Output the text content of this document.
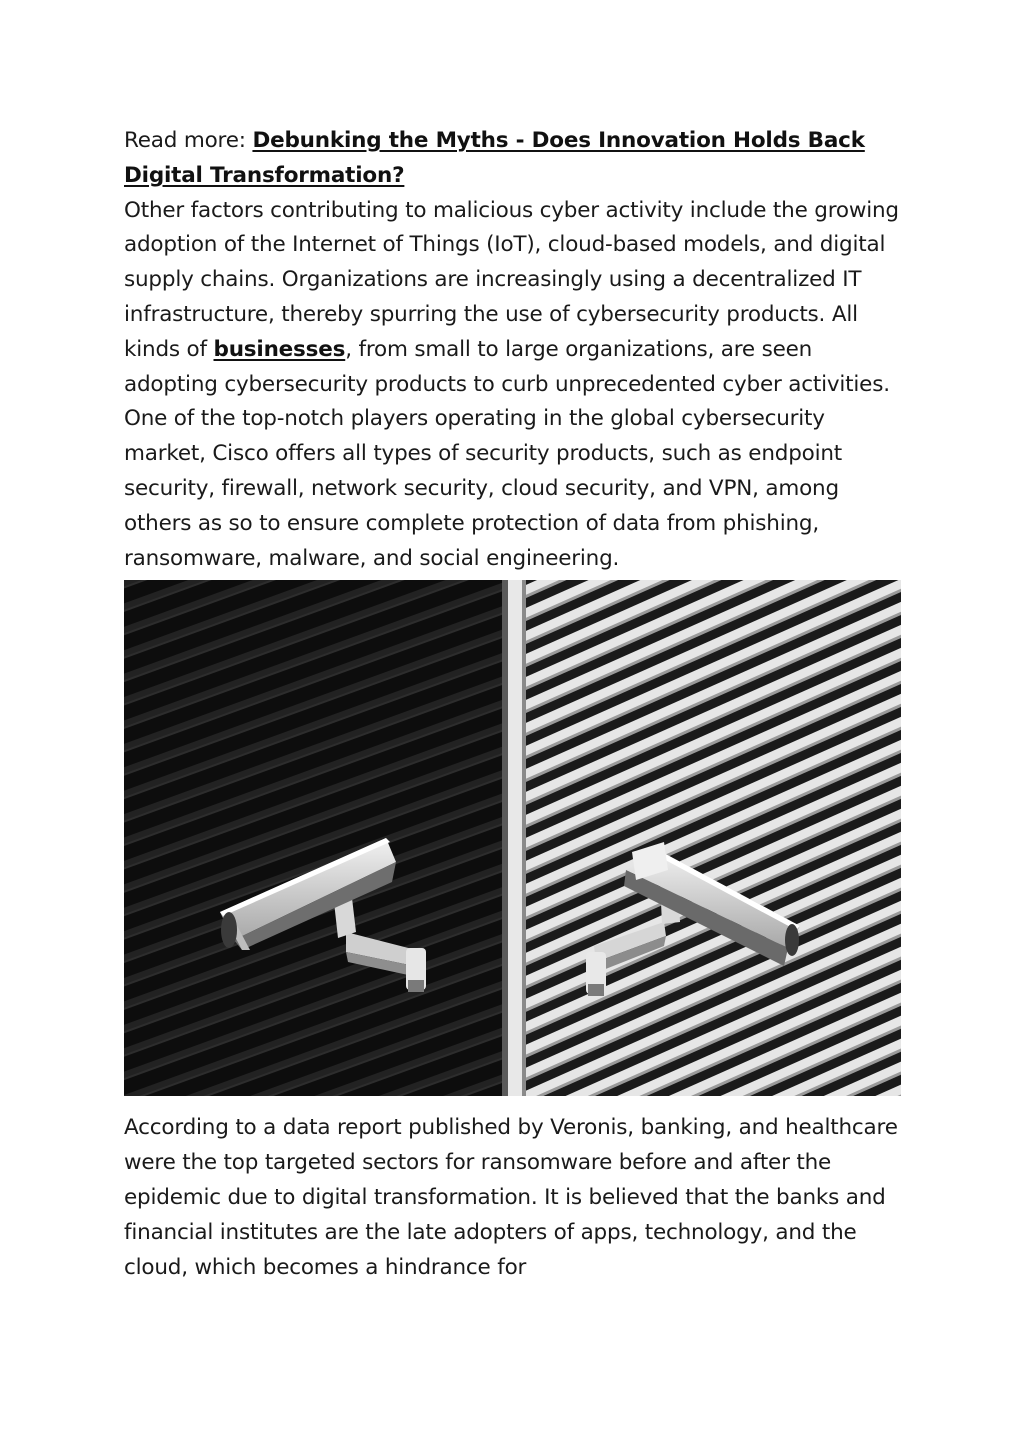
Read more: Debunking the Myths - Does Innovation Holds Back Digital Transformation?

Other factors contributing to malicious cyber activity include the growing adoption of the Internet of Things (IoT), cloud-based models, and digital supply chains. Organizations are increasingly using a decentralized IT infrastructure, thereby spurring the use of cybersecurity products. All kinds of businesses, from small to large organizations, are seen adopting cybersecurity products to curb unprecedented cyber activities. One of the top-notch players operating in the global cybersecurity market, Cisco offers all types of security products, such as endpoint security, firewall, network security, cloud security, and VPN, among others as so to ensure complete protection of data from phishing, ransomware, malware, and social engineering.

According to a data report published by Veronis, banking, and healthcare were the top targeted sectors for ransomware before and after the epidemic due to digital transformation. It is believed that the banks and financial institutes are the late adopters of apps, technology, and the cloud, which becomes a hindrance for
